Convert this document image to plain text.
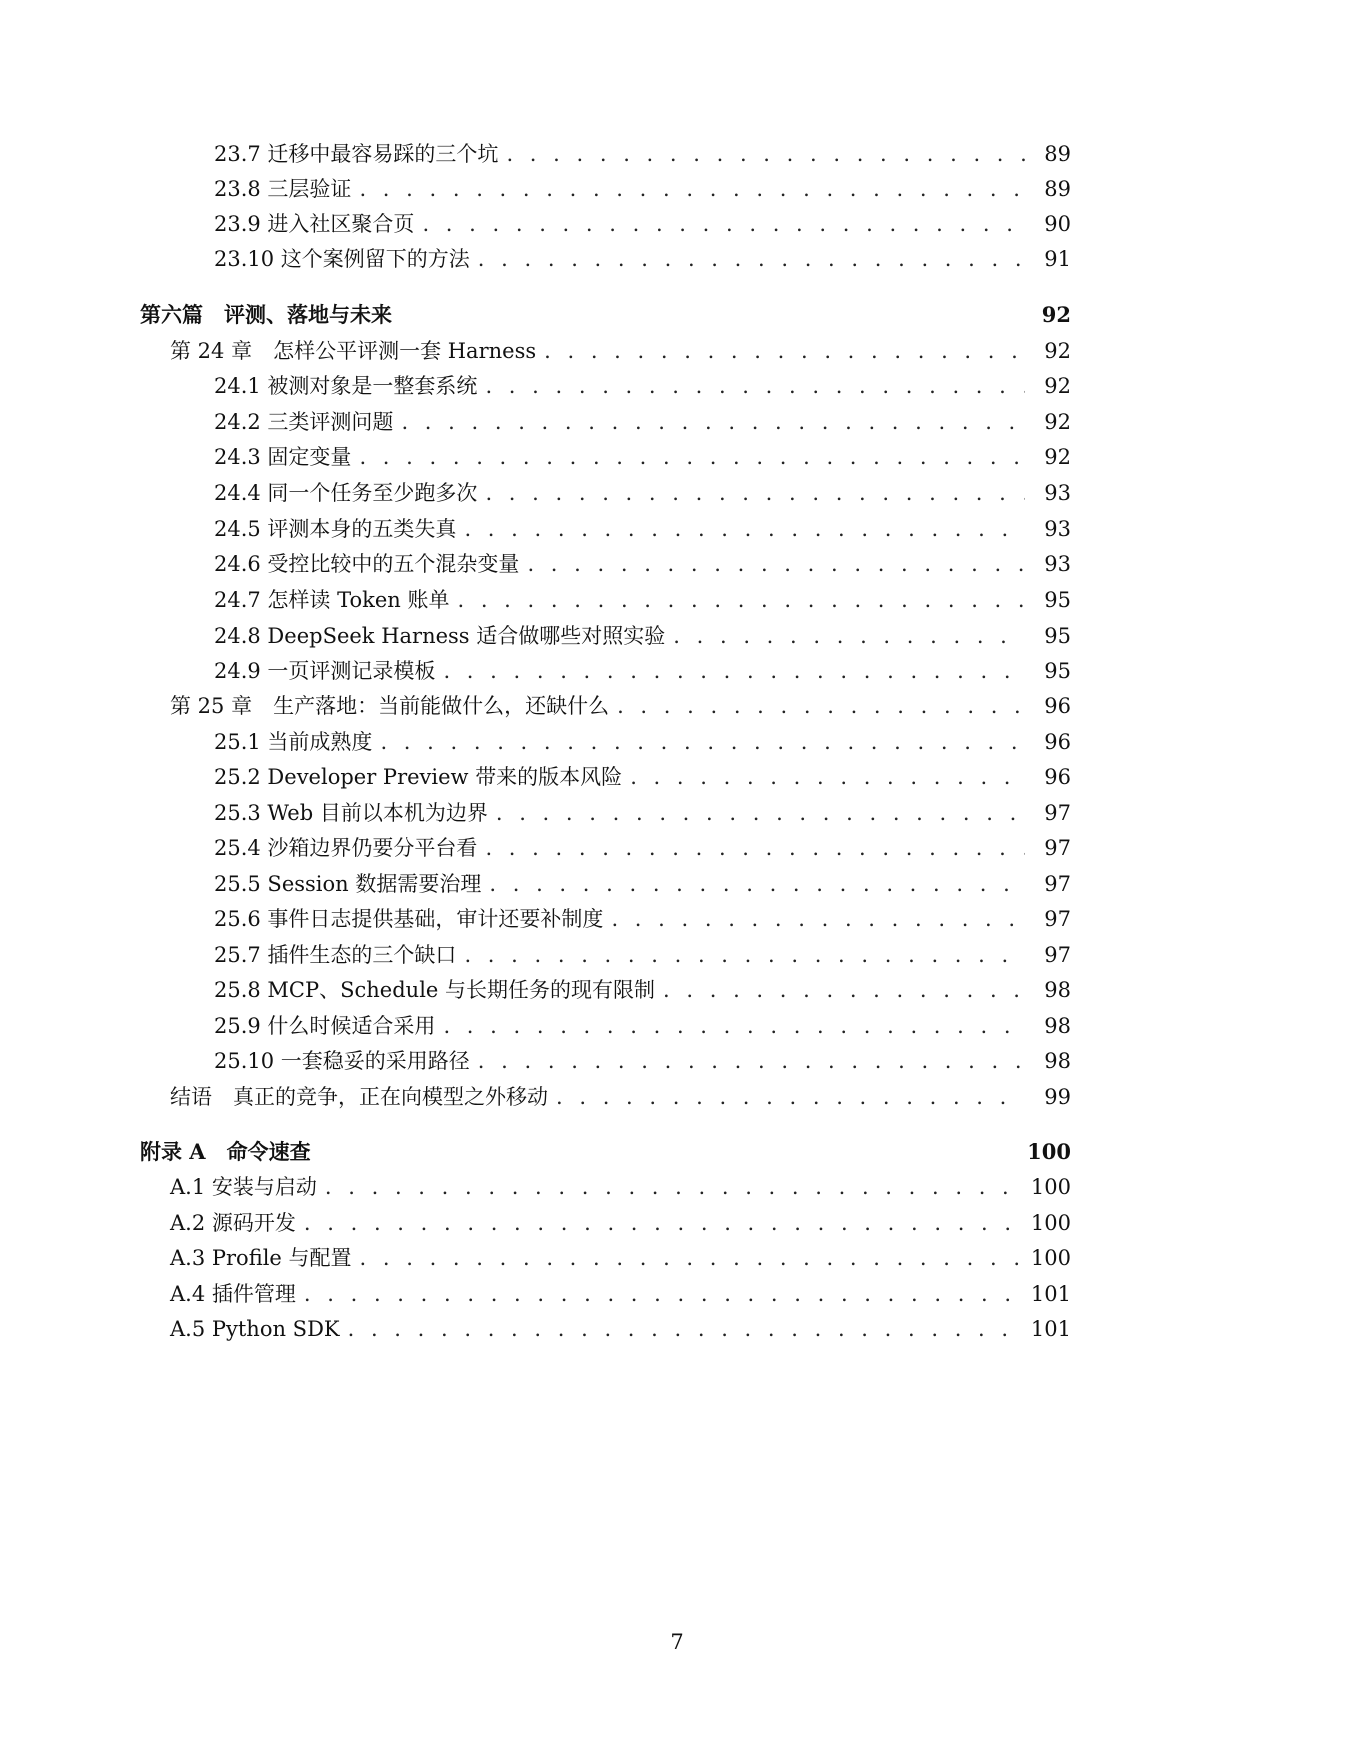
23.7 迁移中最容易踩的三个坑 . . .	89
23.8 三层验证 . . .	89
23.9 进入社区聚合页 . . .	90
23.10 这个案例留下的方法 . . .	91
第六篇　评测、落地与未来	92
第 24 章　怎样公平评测一套 Harness . . .	92
24.1 被测对象是一整套系统 . . .	92
24.2 三类评测问题 . . .	92
24.3 固定变量 . . .	92
24.4 同一个任务至少跑多次 . . .	93
24.5 评测本身的五类失真 . . .	93
24.6 受控比较中的五个混杂变量 . . .	93
24.7 怎样读 Token 账单 . . .	95
24.8 DeepSeek Harness 适合做哪些对照实验 . . .	95
24.9 一页评测记录模板 . . .	95
第 25 章　生产落地：当前能做什么，还缺什么 . . .	96
25.1 当前成熟度 . . .	96
25.2 Developer Preview 带来的版本风险 . . .	96
25.3 Web 目前以本机为边界 . . .	97
25.4 沙箱边界仍要分平台看 . . .	97
25.5 Session 数据需要治理 . . .	97
25.6 事件日志提供基础，审计还要补制度 . . .	97
25.7 插件生态的三个缺口 . . .	97
25.8 MCP、Schedule 与长期任务的现有限制 . . .	98
25.9 什么时候适合采用 . . .	98
25.10 一套稳妥的采用路径 . . .	98
结语　真正的竞争，正在向模型之外移动 . . .	99
附录 A　命令速查	100
A.1 安装与启动 . . .	100
A.2 源码开发 . . .	100
A.3 Profile 与配置 . . .	100
A.4 插件管理 . . .	101
A.5 Python SDK . . .	101
7
